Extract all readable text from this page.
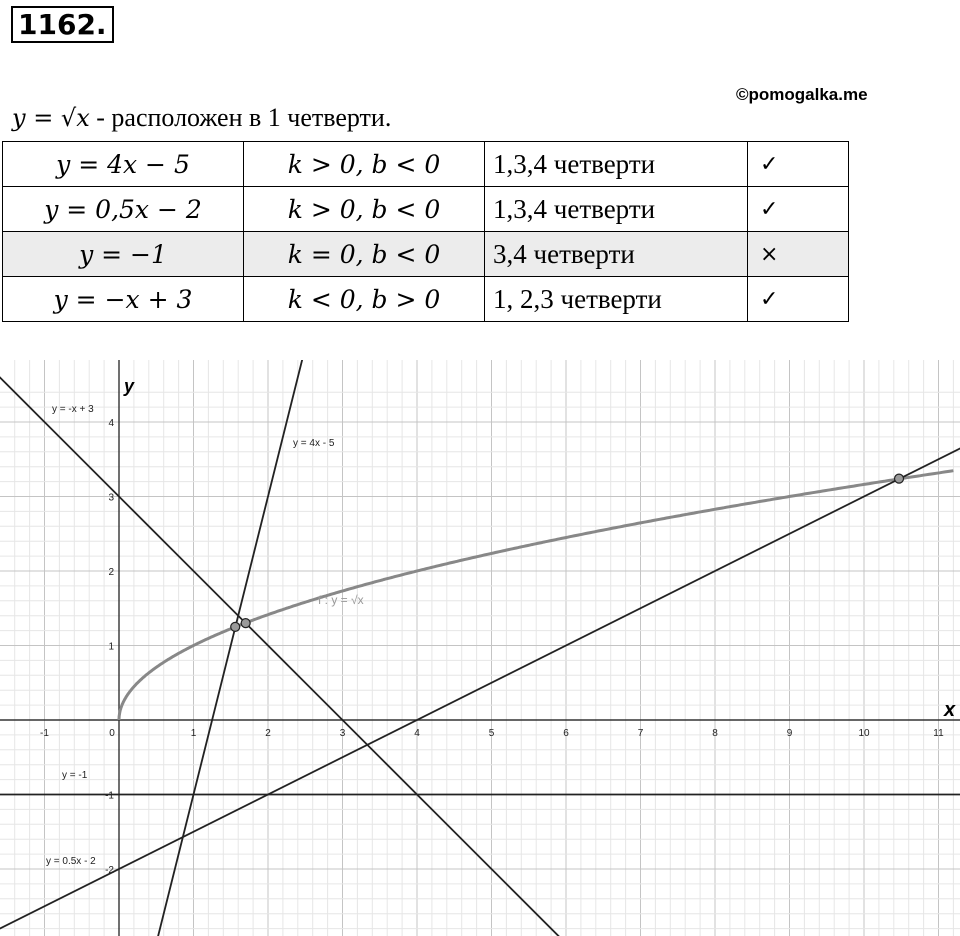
1162.
©pomogalka.me
y = √x - расположен в 1 четверти.
y = 4x − 5	k > 0, b < 0	1,3,4 четверти	✓
y = 0,5x − 2	k > 0, b < 0	1,3,4 четверти	✓
y = −1	k = 0, b < 0	3,4 четверти	×
y = −x + 3	k < 0, b > 0	1, 2,3 четверти	✓
x
y
-1	0	1	2	3	4	5	6	7	8	9	10	11
-2
-1
1
2
3
4
f : y = √x
y = 4x - 5
y = 0.5x - 2
y = -1
y = -x + 3
